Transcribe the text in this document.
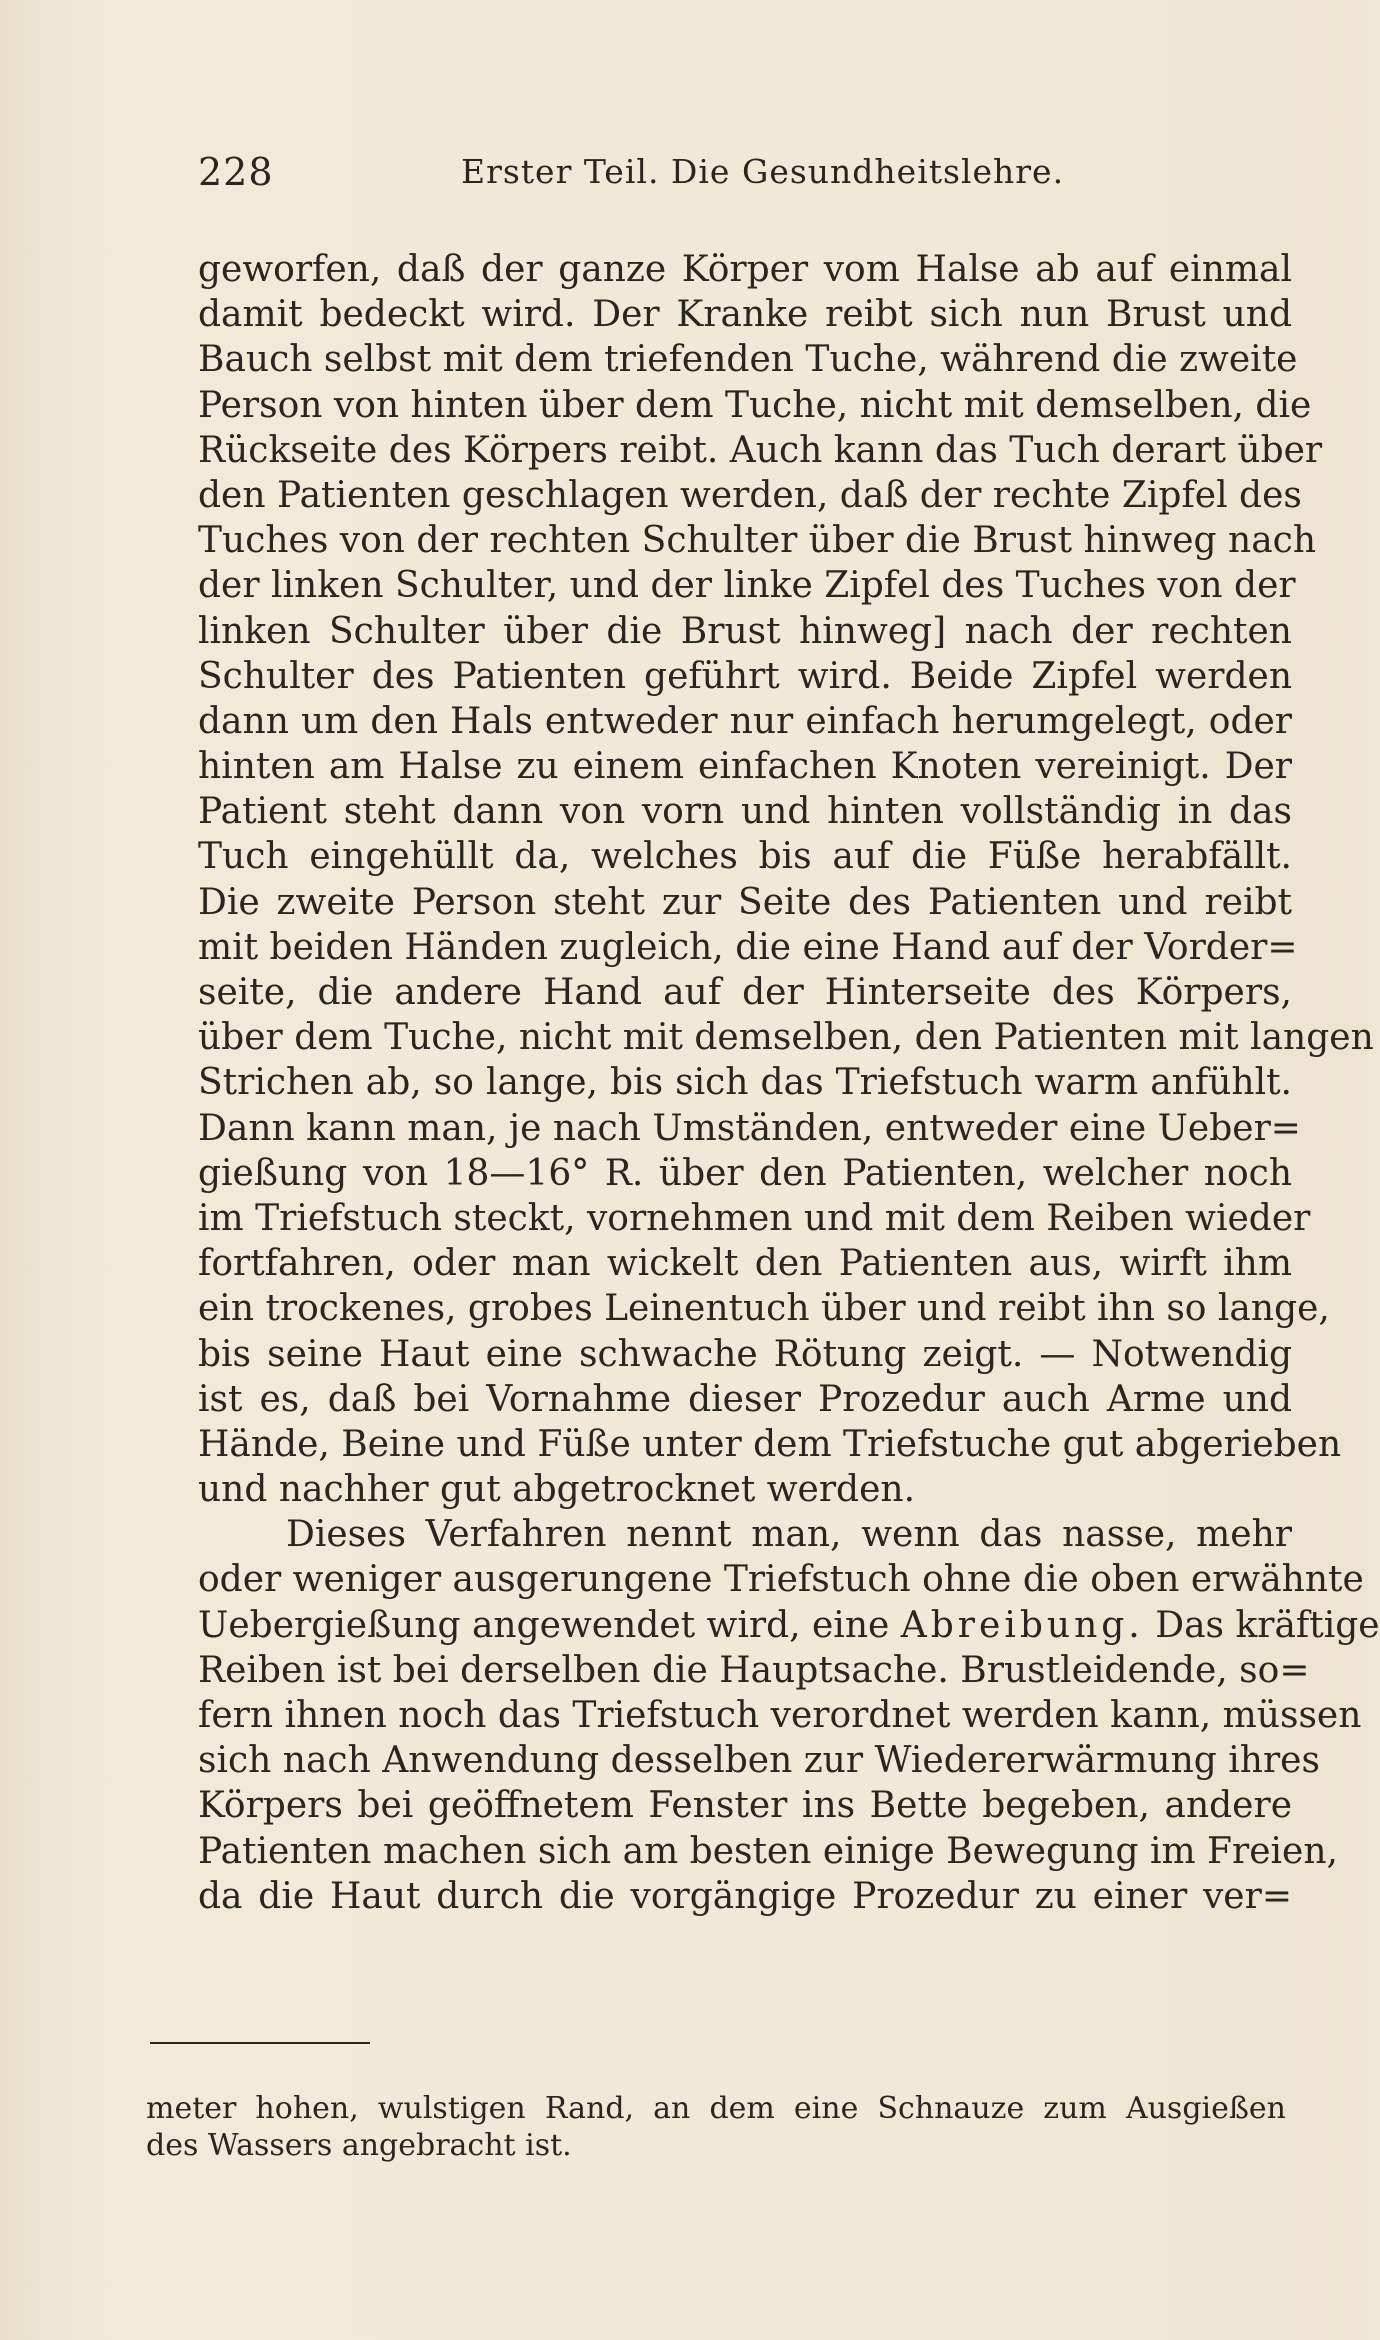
228	Erster Teil. Die Gesundheitslehre.
geworfen, daß der ganze Körper vom Halse ab auf einmal
damit bedeckt wird. Der Kranke reibt sich nun Brust und
Bauch selbst mit dem triefenden Tuche, während die zweite
Person von hinten über dem Tuche, nicht mit demselben, die
Rückseite des Körpers reibt. Auch kann das Tuch derart über
den Patienten geschlagen werden, daß der rechte Zipfel des
Tuches von der rechten Schulter über die Brust hinweg nach
der linken Schulter, und der linke Zipfel des Tuches von der
linken Schulter über die Brust hinweg] nach der rechten
Schulter des Patienten geführt wird. Beide Zipfel werden
dann um den Hals entweder nur einfach herumgelegt, oder
hinten am Halse zu einem einfachen Knoten vereinigt. Der
Patient steht dann von vorn und hinten vollständig in das
Tuch eingehüllt da, welches bis auf die Füße herabfällt.
Die zweite Person steht zur Seite des Patienten und reibt
mit beiden Händen zugleich, die eine Hand auf der Vorder=
seite, die andere Hand auf der Hinterseite des Körpers,
über dem Tuche, nicht mit demselben, den Patienten mit langen
Strichen ab, so lange, bis sich das Triefstuch warm anfühlt.
Dann kann man, je nach Umständen, entweder eine Ueber=
gießung von 18—16° R. über den Patienten, welcher noch
im Triefstuch steckt, vornehmen und mit dem Reiben wieder
fortfahren, oder man wickelt den Patienten aus, wirft ihm
ein trockenes, grobes Leinentuch über und reibt ihn so lange,
bis seine Haut eine schwache Rötung zeigt. — Notwendig
ist es, daß bei Vornahme dieser Prozedur auch Arme und
Hände, Beine und Füße unter dem Triefstuche gut abgerieben
und nachher gut abgetrocknet werden.
Dieses Verfahren nennt man, wenn das nasse, mehr
oder weniger ausgerungene Triefstuch ohne die oben erwähnte
Uebergießung angewendet wird, eine Abreibung. Das kräftige
Reiben ist bei derselben die Hauptsache. Brustleidende, so=
fern ihnen noch das Triefstuch verordnet werden kann, müssen
sich nach Anwendung desselben zur Wiedererwärmung ihres
Körpers bei geöffnetem Fenster ins Bette begeben, andere
Patienten machen sich am besten einige Bewegung im Freien,
da die Haut durch die vorgängige Prozedur zu einer ver=
meter hohen, wulstigen Rand, an dem eine Schnauze zum Ausgießen
des Wassers angebracht ist.
